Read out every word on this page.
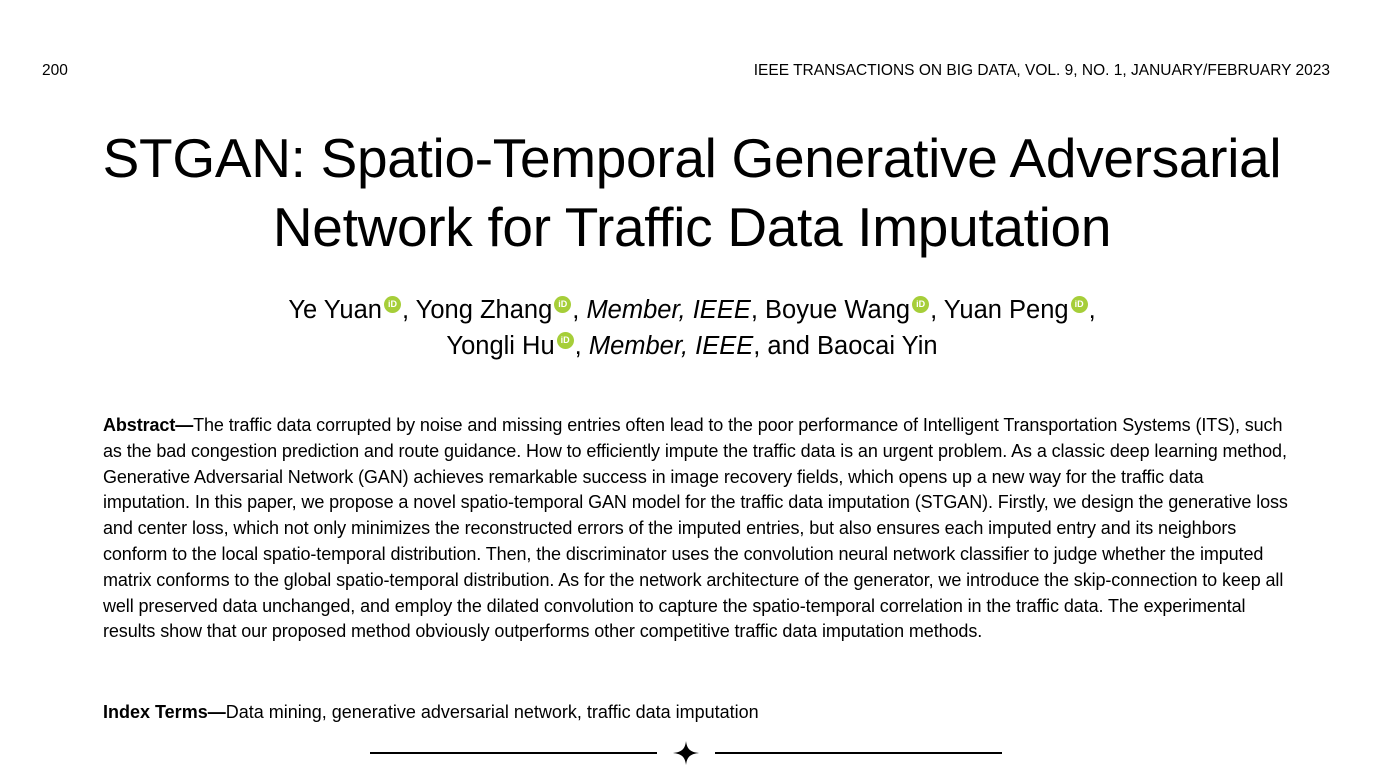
200	IEEE TRANSACTIONS ON BIG DATA, VOL. 9, NO. 1, JANUARY/FEBRUARY 2023
STGAN: Spatio-Temporal Generative Adversarial
Network for Traffic Data Imputation
Ye Yuan iD , Yong Zhang iD , Member, IEEE, Boyue Wang iD , Yuan Peng iD ,
Yongli Hu iD , Member, IEEE, and Baocai Yin

Abstract—The traffic data corrupted by noise and missing entries often lead to the poor performance of Intelligent Transportation Systems (ITS), such as the bad congestion prediction and route guidance. How to efficiently impute the traffic data is an urgent problem. As a classic deep learning method, Generative Adversarial Network (GAN) achieves remarkable success in image recovery fields, which opens up a new way for the traffic data imputation. In this paper, we propose a novel spatio-temporal GAN model for the traffic data imputation (STGAN). Firstly, we design the generative loss and center loss, which not only minimizes the reconstructed errors of the imputed entries, but also ensures each imputed entry and its neighbors conform to the local spatio-temporal distribution. Then, the discriminator uses the convolution neural network classifier to judge whether the imputed matrix conforms to the global spatio-temporal distribution. As for the network architecture of the generator, we introduce the skip-connection to keep all well preserved data unchanged, and employ the dilated convolution to capture the spatio-temporal correlation in the traffic data. The experimental results show that our proposed method obviously outperforms other competitive traffic data imputation methods.

Index Terms—Data mining, generative adversarial network, traffic data imputation
